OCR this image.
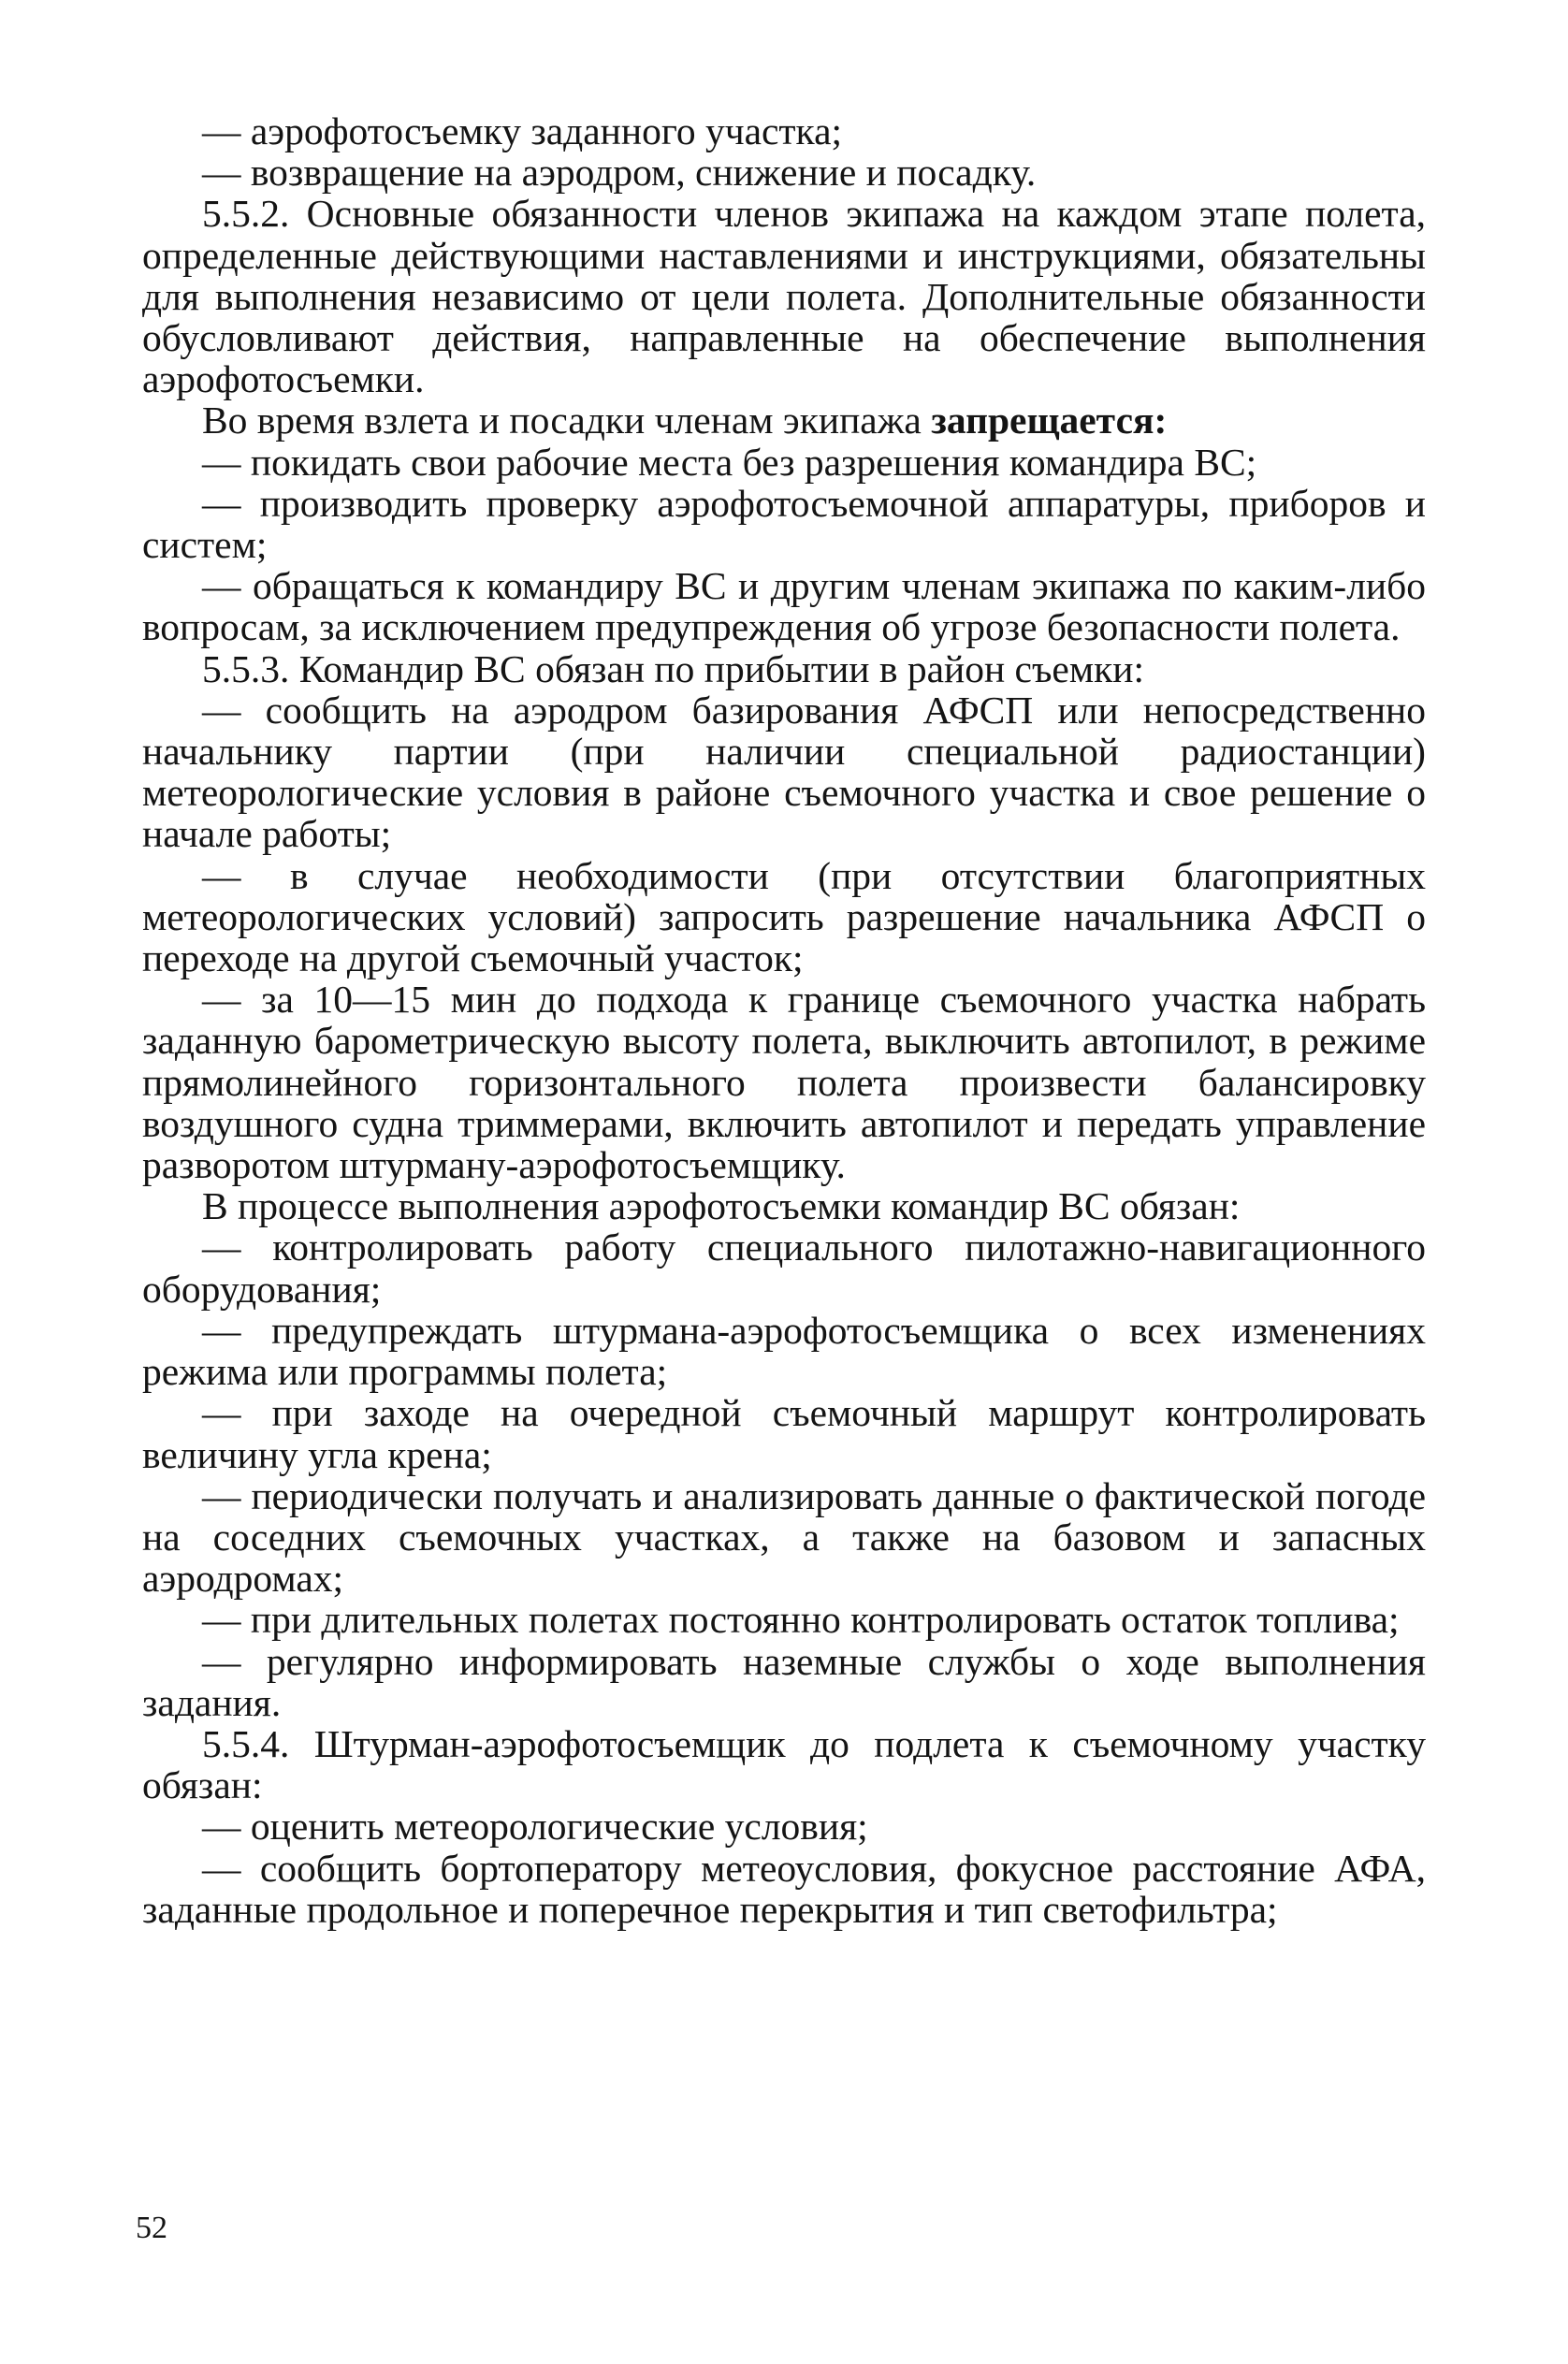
— аэрофотосъемку заданного участка;

— возвращение на аэродром, снижение и посадку.

5.5.2. Основные обязанности членов экипажа на каждом этапе полета, определенные действующими наставлениями и инструкциями, обязательны для выполнения независимо от цели полета. Дополнительные обязанности обусловливают действия, направленные на обеспечение выполнения аэрофотосъемки.

Во время взлета и посадки членам экипажа запрещается:

— покидать свои рабочие места без разрешения командира ВС;

— производить проверку аэрофотосъемочной аппаратуры, приборов и систем;

— обращаться к командиру ВС и другим членам экипажа по каким-либо вопросам, за исключением предупреждения об угрозе безопасности полета.

5.5.3. Командир ВС обязан по прибытии в район съемки:

— сообщить на аэродром базирования АФСП или непосредственно начальнику партии (при наличии специальной радиостанции) метеорологические условия в районе съемочного участка и свое решение о начале работы;

— в случае необходимости (при отсутствии благоприятных метеорологических условий) запросить разрешение начальника АФСП о переходе на другой съемочный участок;

— за 10—15 мин до подхода к границе съемочного участка набрать заданную барометрическую высоту полета, выключить автопилот, в режиме прямолинейного горизонтального полета произвести балансировку воздушного судна триммерами, включить автопилот и передать управление разворотом штурману-аэрофотосъемщику.

В процессе выполнения аэрофотосъемки командир ВС обязан:

— контролировать работу специального пилотажно-навигационного оборудования;

— предупреждать штурмана-аэрофотосъемщика о всех изменениях режима или программы полета;

— при заходе на очередной съемочный маршрут контролировать величину угла крена;

— периодически получать и анализировать данные о фактической погоде на соседних съемочных участках, а также на базовом и запасных аэродромах;

— при длительных полетах постоянно контролировать остаток топлива;

— регулярно информировать наземные службы о ходе выполнения задания.

5.5.4. Штурман-аэрофотосъемщик до подлета к съемочному участку обязан:

— оценить метеорологические условия;

— сообщить бортоператору метеоусловия, фокусное расстояние АФА, заданные продольное и поперечное перекрытия и тип светофильтра;

52
